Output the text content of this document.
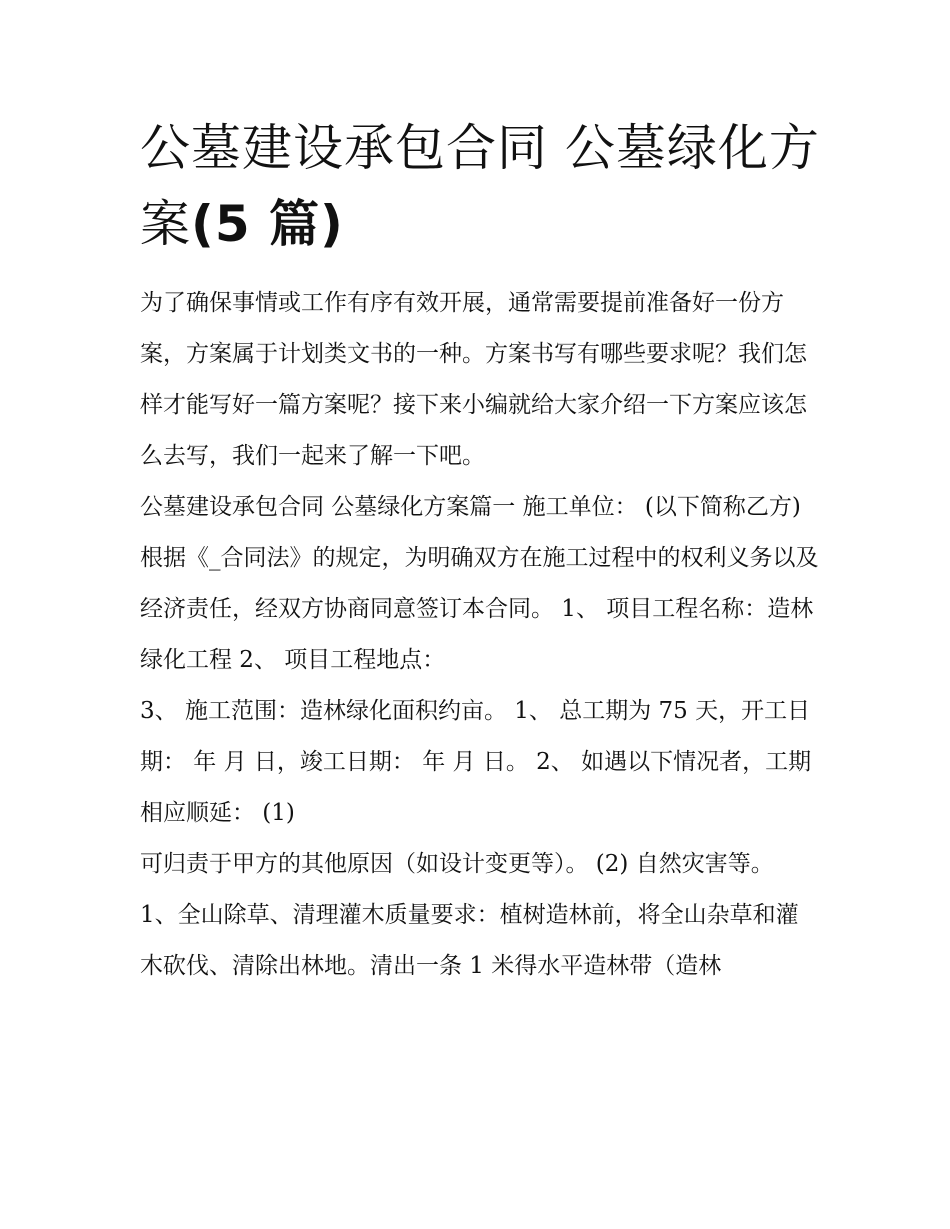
公墓建设承包合同 公墓绿化方
案(5 篇)

为了确保事情或工作有序有效开展，通常需要提前准备好一份方案，方案属于计划类文书的一种。方案书写有哪些要求呢？我们怎样才能写好一篇方案呢？接下来小编就给大家介绍一下方案应该怎么去写，我们一起来了解一下吧。

公墓建设承包合同 公墓绿化方案篇一 施工单位： (以下简称乙方)

根据《_合同法》的规定，为明确双方在施工过程中的权利义务以及经济责任，经双方协商同意签订本合同。 1、 项目工程名称：造林绿化工程 2、 项目工程地点：

3、 施工范围：造林绿化面积约亩。 1、 总工期为 75 天，开工日期： 年 月 日，竣工日期： 年 月 日。 2、 如遇以下情况者，工期相应顺延： (1)

可归责于甲方的其他原因（如设计变更等）。 (2) 自然灾害等。

1、全山除草、清理灌木质量要求：植树造林前，将全山杂草和灌木砍伐、清除出林地。清出一条 1 米得水平造林带（造林
